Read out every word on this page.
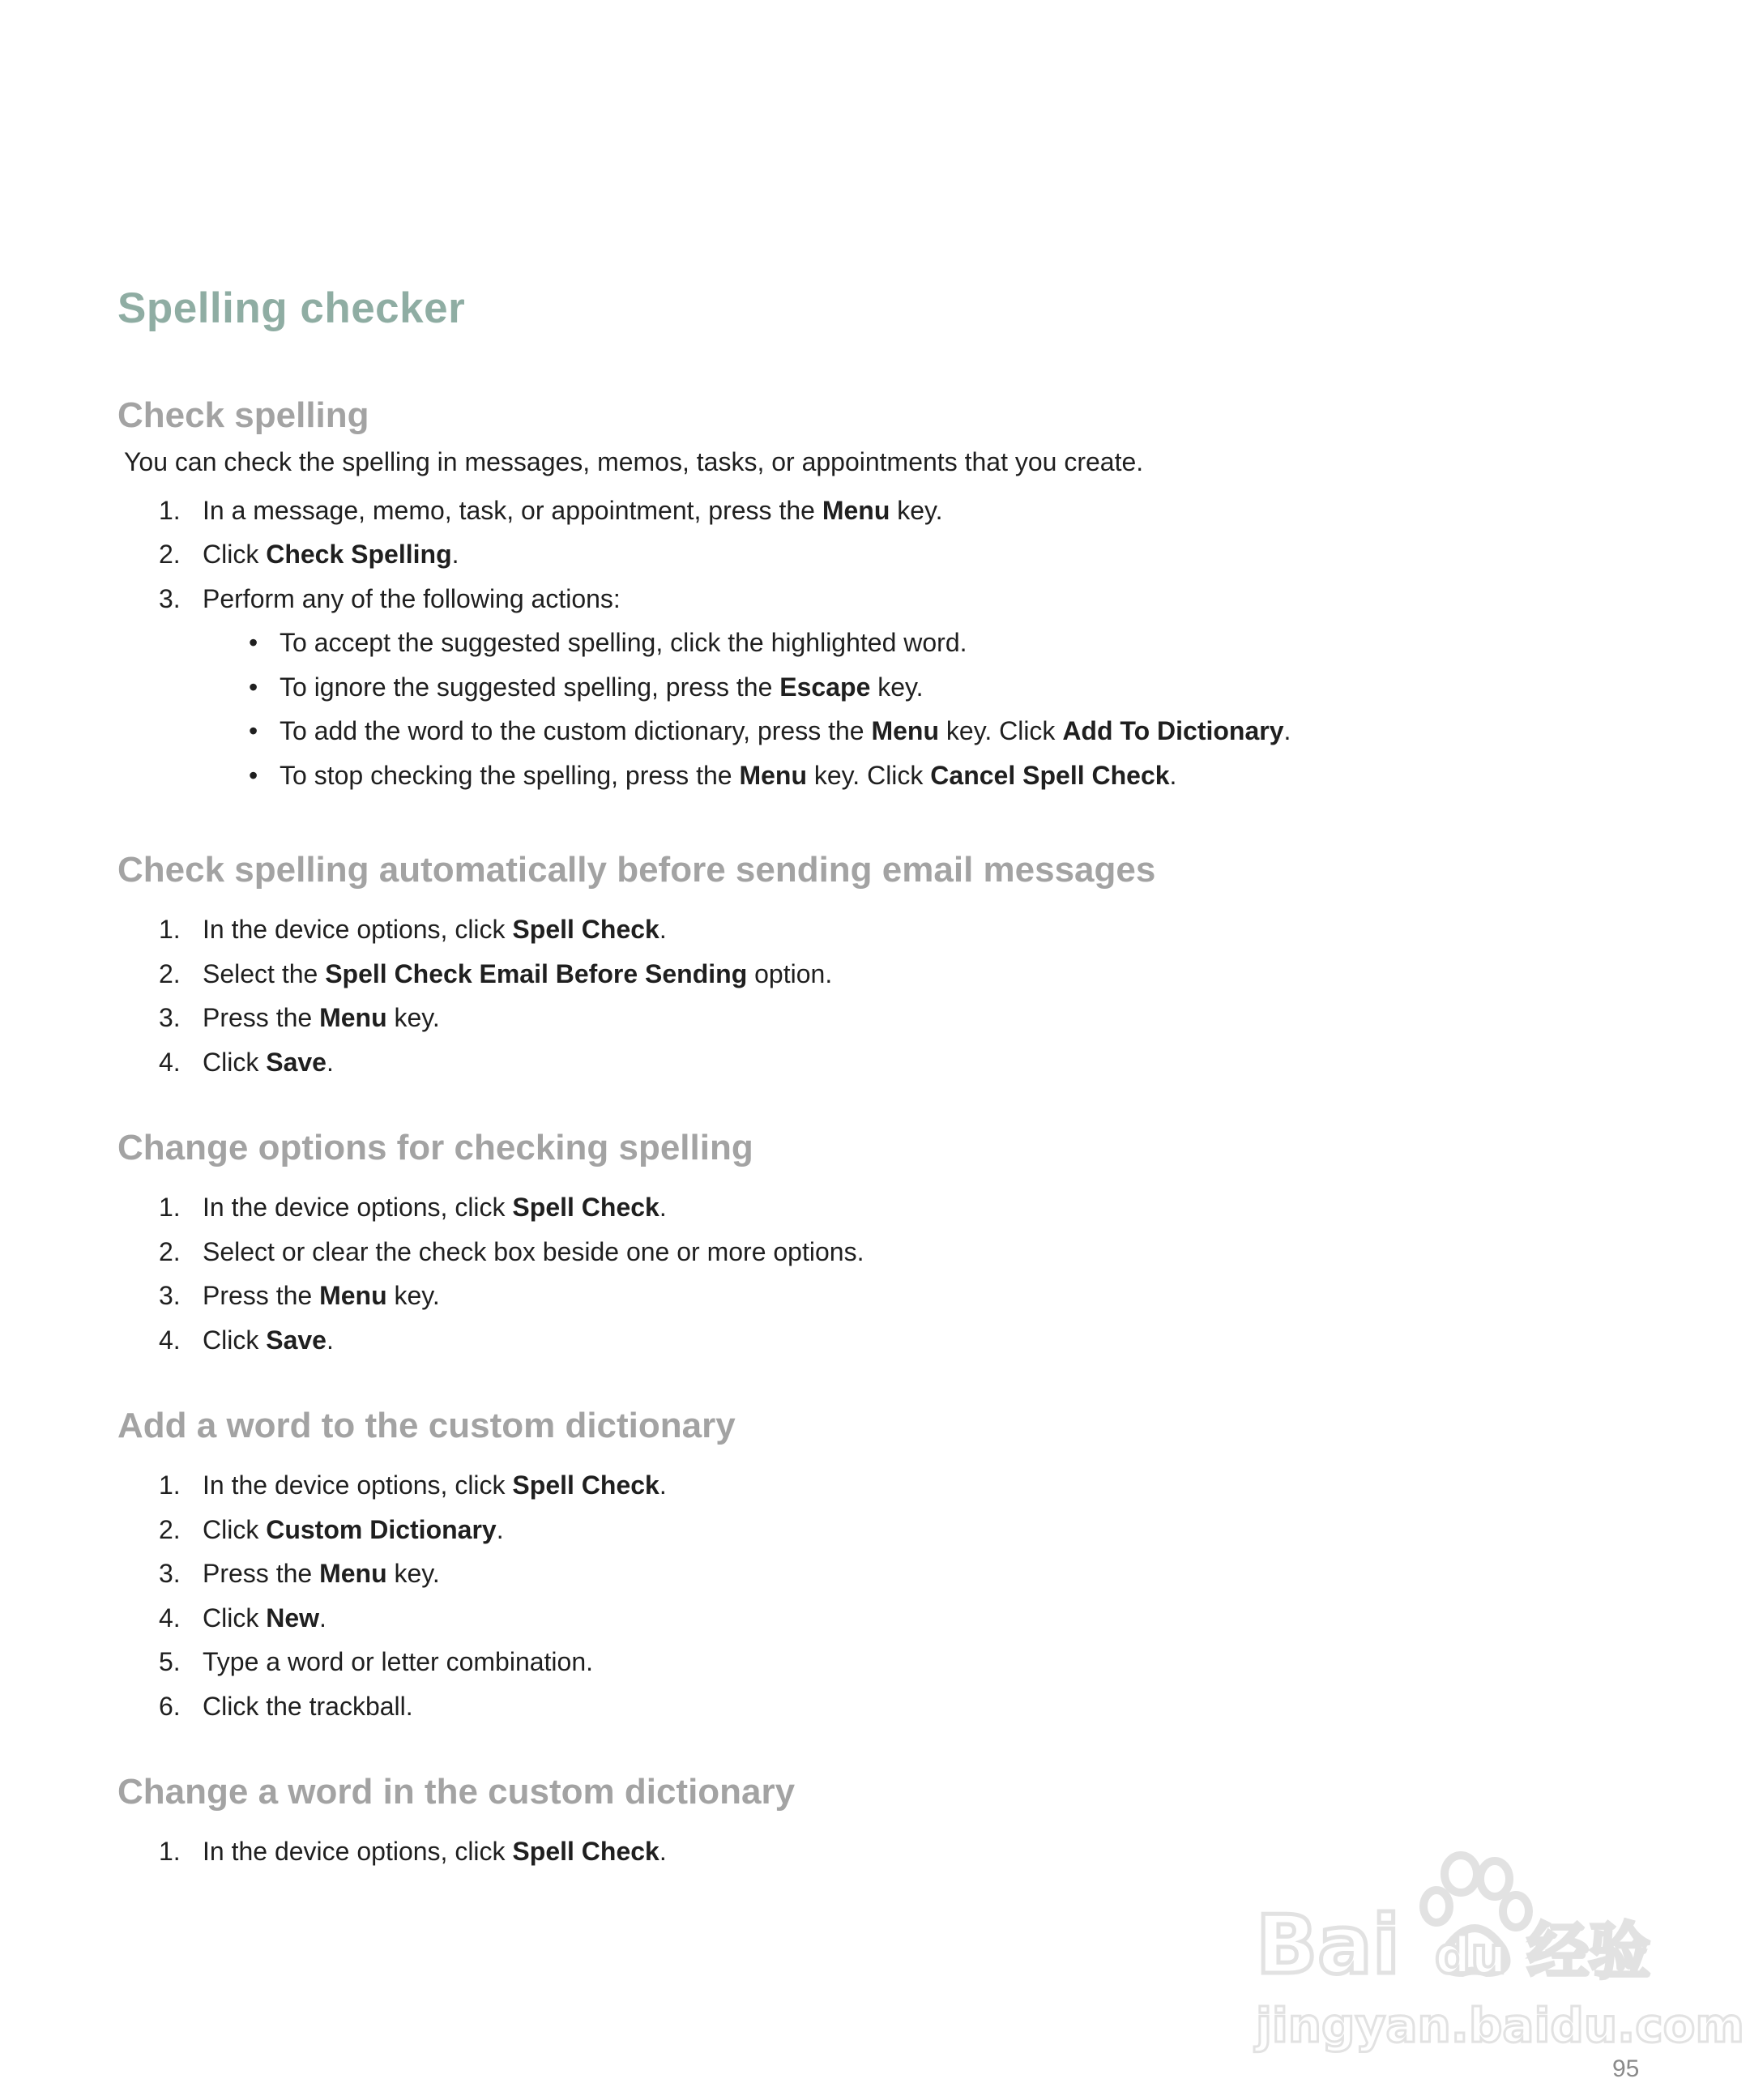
Spelling checker
Check spelling

You can check the spelling in messages, memos, tasks, or appointments that you create.

1. In a message, memo, task, or appointment, press the Menu key.
2. Click Check Spelling.
3. Perform any of the following actions:
• To accept the suggested spelling, click the highlighted word.
• To ignore the suggested spelling, press the Escape key.
• To add the word to the custom dictionary, press the Menu key. Click Add To Dictionary.
• To stop checking the spelling, press the Menu key. Click Cancel Spell Check.
Check spelling automatically before sending email messages
1. In the device options, click Spell Check.
2. Select the Spell Check Email Before Sending option.
3. Press the Menu key.
4. Click Save.
Change options for checking spelling
1. In the device options, click Spell Check.
2. Select or clear the check box beside one or more options.
3. Press the Menu key.
4. Click Save.
Add a word to the custom dictionary
1. In the device options, click Spell Check.
2. Click Custom Dictionary.
3. Press the Menu key.
4. Click New.
5. Type a word or letter combination.
6. Click the trackball.
Change a word in the custom dictionary
1. In the device options, click Spell Check.
Bai du 经验
jingyan.baidu.com
95
